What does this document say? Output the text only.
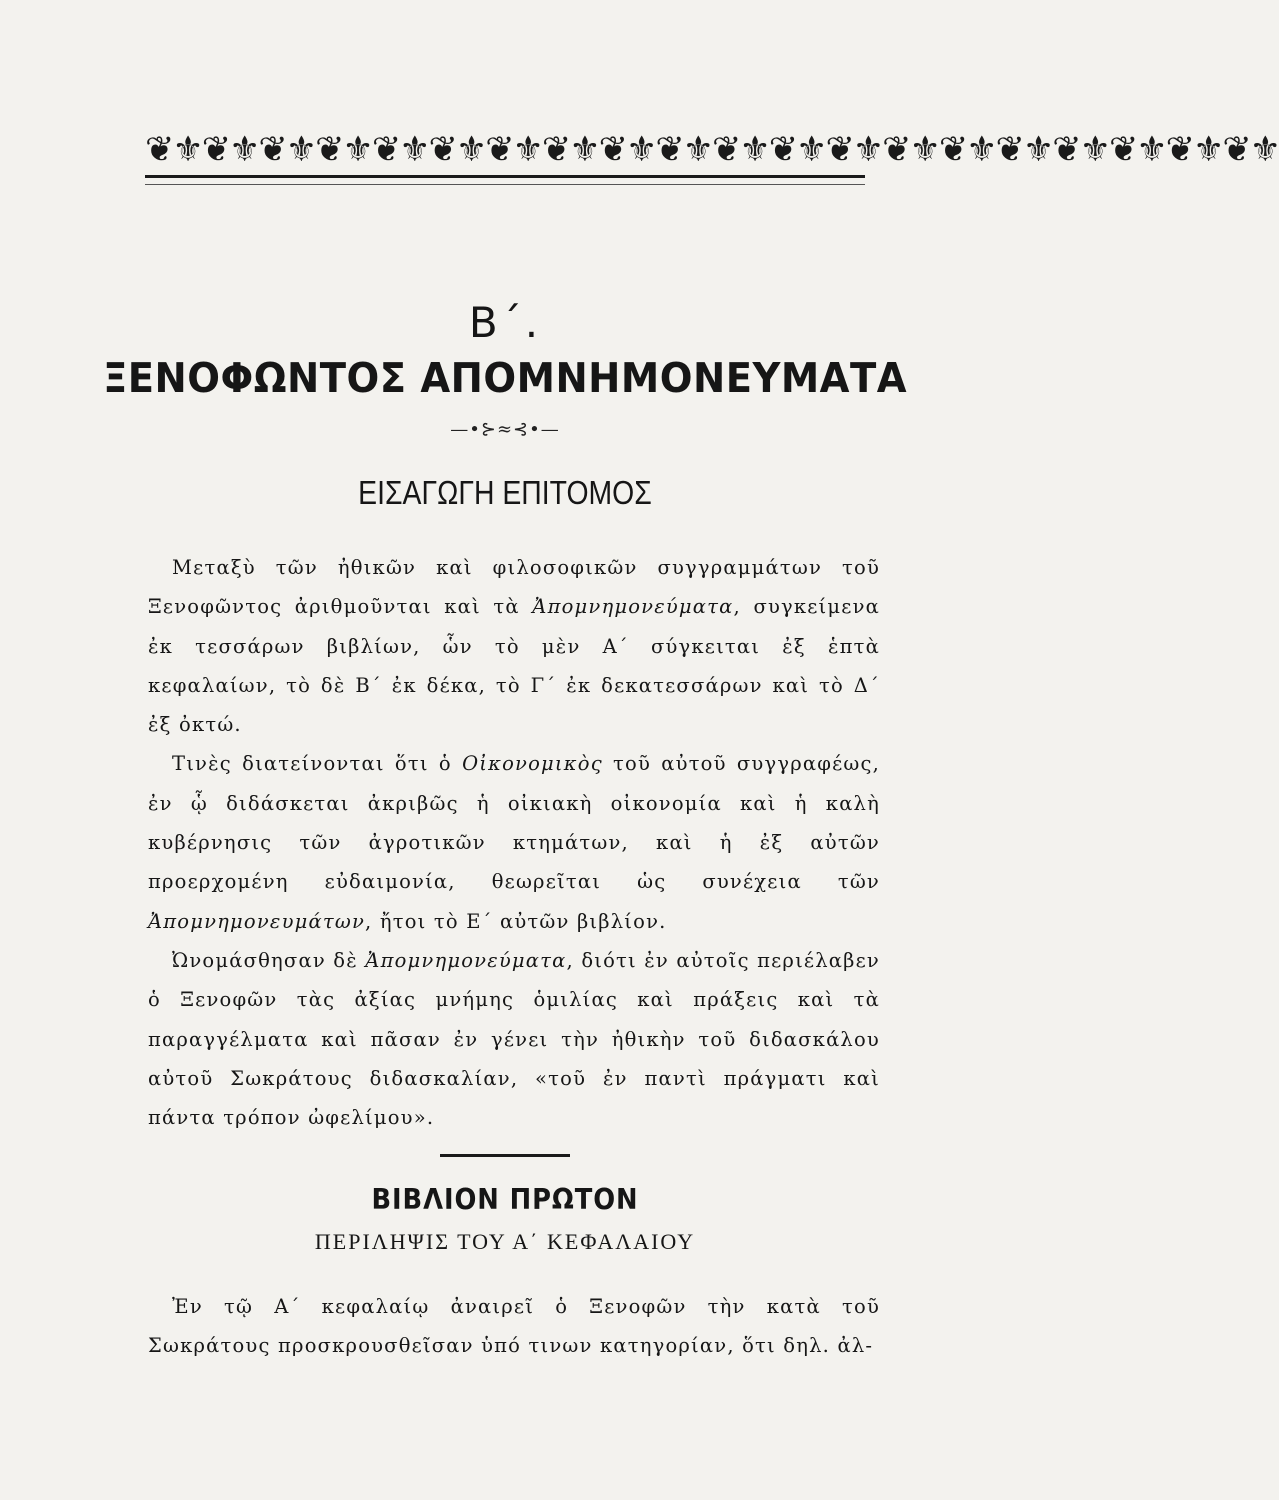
❦⚜❦⚜❦⚜❦⚜❦⚜❦⚜❦⚜❦⚜❦⚜❦⚜❦⚜❦⚜❦⚜❦⚜❦⚜❦⚜❦⚜❦⚜❦⚜❦⚜
Β΄.
ΞΕΝΟΦΩΝΤΟΣ ΑΠΟΜΝΗΜΟΝΕΥΜΑΤΑ
—•⊱≈⊰•—
ΕΙΣΑΓΩΓΗ ΕΠΙΤΟΜΟΣ

Μεταξὺ τῶν ἠθικῶν καὶ φιλοσοφικῶν συγγραμμάτων τοῦ Ξενοφῶντος ἀριθμοῦνται καὶ τὰ Ἀπομνημονεύματα, συγκείμενα ἐκ τεσσάρων βιβλίων, ὧν τὸ μὲν Α΄ σύγκειται ἐξ ἑπτὰ κεφαλαίων, τὸ δὲ Β΄ ἐκ δέκα, τὸ Γ΄ ἐκ δεκατεσσάρων καὶ τὸ Δ΄ ἐξ ὀκτώ.

Τινὲς διατείνονται ὅτι ὁ Οἰκονομικὸς τοῦ αὐτοῦ συγγραφέως, ἐν ᾧ διδάσκεται ἀκριβῶς ἡ οἰκιακὴ οἰκονομία καὶ ἡ καλὴ κυβέρνησις τῶν ἀγροτικῶν κτημάτων, καὶ ἡ ἐξ αὐτῶν προερχομένη εὐδαιμονία, θεωρεῖται ὡς συνέχεια τῶν Ἀπομνημονευμάτων, ἤτοι τὸ Ε΄ αὐτῶν βιβλίον.

Ὠνομάσθησαν δὲ Ἀπομνημονεύματα, διότι ἐν αὐτοῖς περιέλαβεν ὁ Ξενοφῶν τὰς ἀξίας μνήμης ὁμιλίας καὶ πράξεις καὶ τὰ παραγγέλματα καὶ πᾶσαν ἐν γένει τὴν ἠθικὴν τοῦ διδασκάλου αὐτοῦ Σωκράτους διδασκαλίαν, «τοῦ ἐν παντὶ πράγματι καὶ πάντα τρόπον ὠφελίμου».

ΒΙΒΛΙΟΝ ΠΡΩΤΟΝ
ΠΕΡΙΛΗΨΙΣ ΤΟΥ Α΄ ΚΕΦΑΛΑΙΟΥ

Ἐν τῷ Α΄ κεφαλαίῳ ἀναιρεῖ ὁ Ξενοφῶν τὴν κατὰ τοῦ Σωκράτους προσκρουσθεῖσαν ὑπό τινων κατηγορίαν, ὅτι δηλ. ἀλ-
